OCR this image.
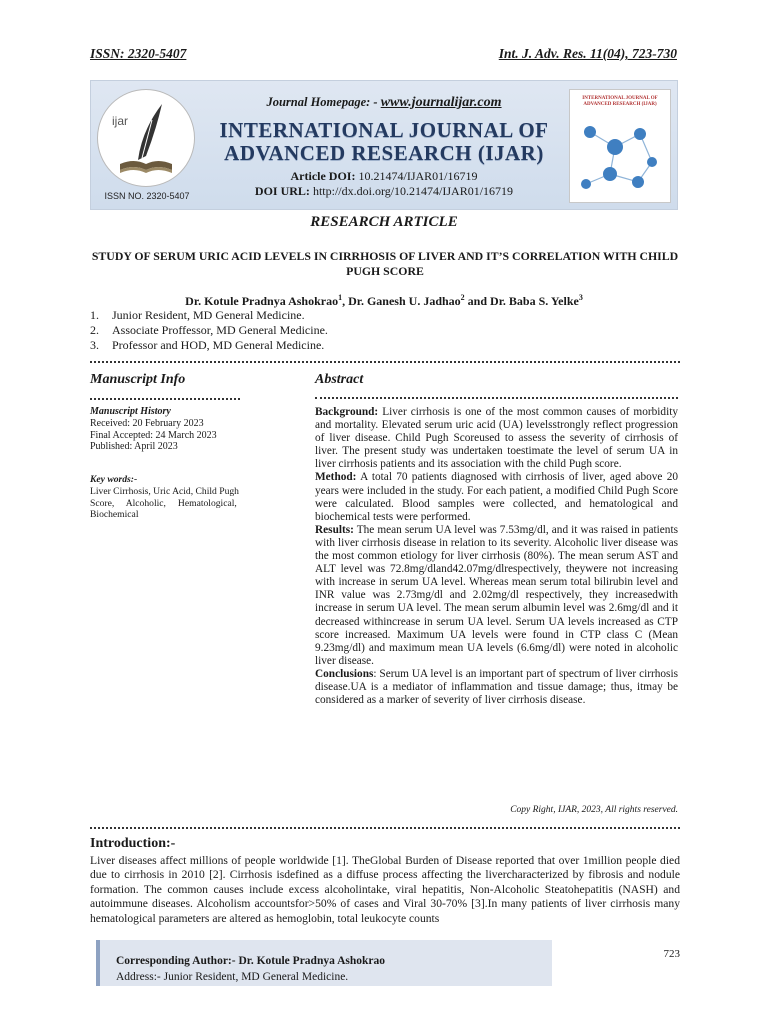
ISSN: 2320-5407	Int. J. Adv. Res. 11(04), 723-730
ijar
ISSN NO. 2320-5407
Journal Homepage: - www.journalijar.com
INTERNATIONAL JOURNAL OF
ADVANCED RESEARCH (IJAR)
Article DOI: 10.21474/IJAR01/16719
DOI URL: http://dx.doi.org/10.21474/IJAR01/16719
INTERNATIONAL JOURNAL OF ADVANCED RESEARCH (IJAR)
RESEARCH ARTICLE
STUDY OF SERUM URIC ACID LEVELS IN CIRRHOSIS OF LIVER AND IT’S CORRELATION WITH CHILD PUGH SCORE
Dr. Kotule Pradnya Ashokrao$^1$, Dr. Ganesh U. Jadhao$^2$ and Dr. Baba S. Yelke$^3$
1. Junior Resident, MD General Medicine.
2. Associate Proffessor, MD General Medicine.
3. Professor and HOD, MD General Medicine.
Manuscript Info
Manuscript History
Received: 20 February 2023
Final Accepted: 24 March 2023
Published: April 2023
Key words:-
Liver Cirrhosis, Uric Acid, Child Pugh
Score,     Alcoholic,     Hematological,
Biochemical
Abstract

Background: Liver cirrhosis is one of the most common causes of morbidity and mortality. Elevated serum uric acid (UA) levelsstrongly reflect progression of liver disease. Child Pugh Scoreused to assess the severity of cirrhosis of liver. The present study was undertaken toestimate the level of serum UA in liver cirrhosis patients and its association with the child Pugh score.

Method: A total 70 patients diagnosed with cirrhosis of liver, aged above 20 years were included in the study. For each patient, a modified Child Pugh Score were calculated. Blood samples were collected, and hematological and biochemical tests were performed.

Results: The mean serum UA level was 7.53mg/dl, and it was raised in patients with liver cirrhosis disease in relation to its severity. Alcoholic liver disease was the most common etiology for liver cirrhosis (80%). The mean serum AST and ALT level was 72.8mg/dland42.07mg/dlrespectively, theywere not increasing with increase in serum UA level. Whereas mean serum total bilirubin level and INR value was 2.73mg/dl and 2.02mg/dl respectively, they increasedwith increase in serum UA level. The mean serum albumin level was 2.6mg/dl and it decreased withincrease in serum UA level. Serum UA levels increased as CTP score increased. Maximum UA levels were found in CTP class C (Mean 9.23mg/dl) and maximum mean UA levels (6.6mg/dl) were noted in alcoholic liver disease.

Conclusions: Serum UA level is an important part of spectrum of liver cirrhosis disease.UA is a mediator of inflammation and tissue damage; thus, itmay be considered as a marker of severity of liver cirrhosis disease.

Copy Right, IJAR, 2023, All rights reserved.
Introduction:-
Liver diseases affect millions of people worldwide [1]. TheGlobal Burden of Disease reported that over 1million people died due to cirrhosis in 2010 [2]. Cirrhosis isdefined as a diffuse process affecting the livercharacterized by fibrosis and nodule formation. The common causes include excess alcoholintake, viral hepatitis, Non-Alcoholic Steatohepatitis (NASH) and autoimmune diseases. Alcoholism accountsfor>50% of cases and Viral 30-70% [3].In many patients of liver cirrhosis many hematological parameters are altered as hemoglobin, total leukocyte counts
Corresponding Author:- Dr. Kotule Pradnya Ashokrao
Address:- Junior Resident, MD General Medicine.
723
